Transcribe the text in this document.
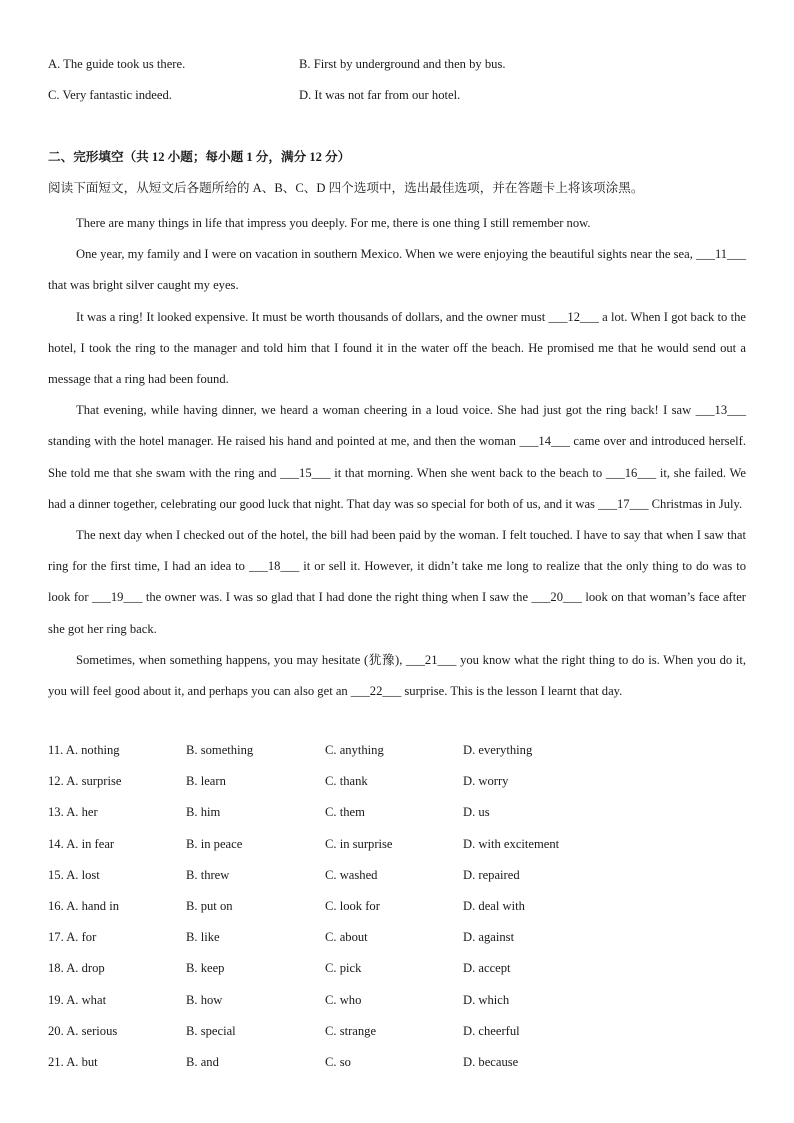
A. The guide took us there.	B. First by underground and then by bus.
C. Very fantastic indeed.	D. It was not far from our hotel.
二、完形填空（共 12 小题；每小题 1 分，满分 12 分）
阅读下面短文，从短文后各题所给的 A、B、C、D 四个选项中，选出最佳选项，并在答题卡上将该项涂黑。

There are many things in life that impress you deeply. For me, there is one thing I still remember now.

One year, my family and I were on vacation in southern Mexico. When we were enjoying the beautiful sights near the sea, ___11___ that was bright silver caught my eyes.

It was a ring! It looked expensive. It must be worth thousands of dollars, and the owner must ___12___ a lot. When I got back to the hotel, I took the ring to the manager and told him that I found it in the water off the beach. He promised me that he would send out a message that a ring had been found.

That evening, while having dinner, we heard a woman cheering in a loud voice. She had just got the ring back! I saw ___13___ standing with the hotel manager. He raised his hand and pointed at me, and then the woman ___14___ came over and introduced herself. She told me that she swam with the ring and ___15___ it that morning. When she went back to the beach to ___16___ it, she failed. We had a dinner together, celebrating our good luck that night. That day was so special for both of us, and it was ___17___ Christmas in July.

The next day when I checked out of the hotel, the bill had been paid by the woman. I felt touched. I have to say that when I saw that ring for the first time, I had an idea to ___18___ it or sell it. However, it didn’t take me long to realize that the only thing to do was to look for ___19___ the owner was. I was so glad that I had done the right thing when I saw the ___20___ look on that woman’s face after she got her ring back.

Sometimes, when something happens, you may hesitate (犹豫), ___21___ you know what the right thing to do is. When you do it, you will feel good about it, and perhaps you can also get an ___22___ surprise. This is the lesson I learnt that day.

11. A. nothing	B. something	C. anything	D. everything
12. A. surprise	B. learn	C. thank	D. worry
13. A. her	B. him	C. them	D. us
14. A. in fear	B. in peace	C. in surprise	D. with excitement
15. A. lost	B. threw	C. washed	D. repaired
16. A. hand in	B. put on	C. look for	D. deal with
17. A. for	B. like	C. about	D. against
18. A. drop	B. keep	C. pick	D. accept
19. A. what	B. how	C. who	D. which
20. A. serious	B. special	C. strange	D. cheerful
21. A. but	B. and	C. so	D. because
